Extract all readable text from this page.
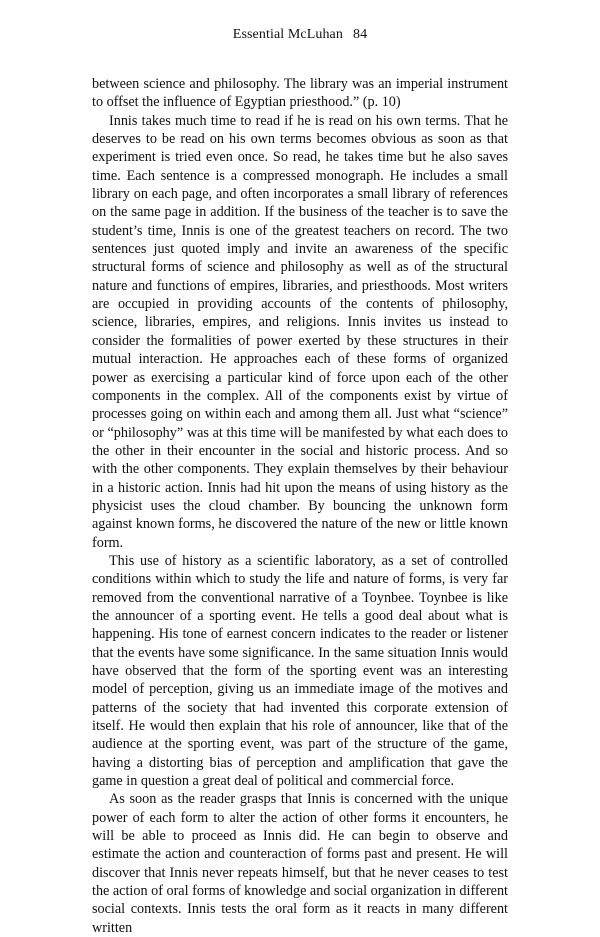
Essential McLuhan 84

between science and philosophy. The library was an imperial instrument to offset the influence of Egyptian priesthood.” (p. 10)

Innis takes much time to read if he is read on his own terms. That he deserves to be read on his own terms becomes obvious as soon as that experiment is tried even once. So read, he takes time but he also saves time. Each sentence is a compressed monograph. He includes a small library on each page, and often incorporates a small library of references on the same page in addition. If the business of the teacher is to save the student’s time, Innis is one of the greatest teachers on record. The two sentences just quoted imply and invite an awareness of the specific structural forms of science and philosophy as well as of the structural nature and functions of empires, libraries, and priesthoods. Most writers are occupied in providing accounts of the contents of philosophy, science, libraries, empires, and religions. Innis invites us instead to consider the formalities of power exerted by these structures in their mutual interaction. He approaches each of these forms of organized power as exercising a particular kind of force upon each of the other components in the complex. All of the components exist by virtue of processes going on within each and among them all. Just what “science” or “philosophy” was at this time will be manifested by what each does to the other in their encounter in the social and historic process. And so with the other components. They explain themselves by their behaviour in a historic action. Innis had hit upon the means of using history as the physicist uses the cloud chamber. By bouncing the unknown form against known forms, he discovered the nature of the new or little known form.

This use of history as a scientific laboratory, as a set of controlled conditions within which to study the life and nature of forms, is very far removed from the conventional narrative of a Toynbee. Toynbee is like the announcer of a sporting event. He tells a good deal about what is happening. His tone of earnest concern indicates to the reader or listener that the events have some significance. In the same situation Innis would have observed that the form of the sporting event was an interesting model of perception, giving us an immediate image of the motives and patterns of the society that had invented this corporate extension of itself. He would then explain that his role of announcer, like that of the audience at the sporting event, was part of the structure of the game, having a distorting bias of perception and amplification that gave the game in question a great deal of political and commercial force.

As soon as the reader grasps that Innis is concerned with the unique power of each form to alter the action of other forms it encounters, he will be able to proceed as Innis did. He can begin to observe and estimate the action and counteraction of forms past and present. He will discover that Innis never repeats himself, but that he never ceases to test the action of oral forms of knowledge and social organization in different social contexts. Innis tests the oral form as it reacts in many different written
